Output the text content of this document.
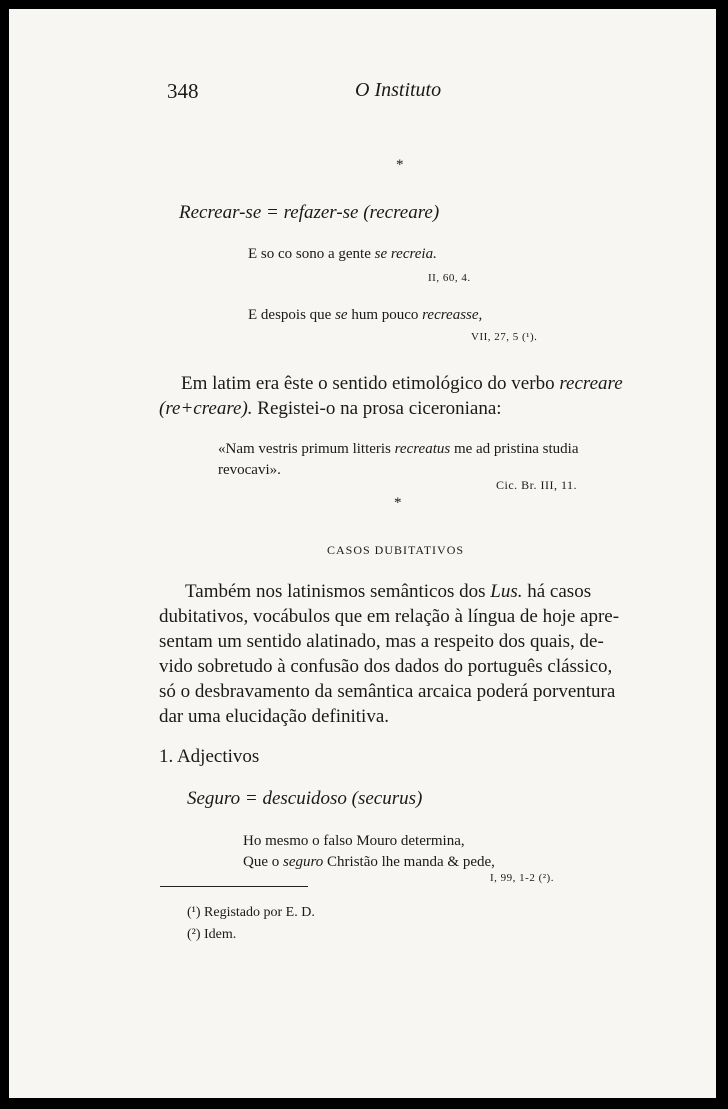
348	O Instituto
*
Recrear-se = refazer-se (recreare)
E so co sono a gente se recreia.
II, 60, 4.
E despois que se hum pouco recreasse,
VII, 27, 5 (¹).
Em latim era êste o sentido etimológico do verbo recreare
(re+creare). Registei-o na prosa ciceroniana:
«Nam vestris primum litteris recreatus me ad pristina studia
revocavi».
Cic. Br. III, 11.
*
CASOS DUBITATIVOS
Também nos latinismos semânticos dos Lus. há casos
dubitativos, vocábulos que em relação à língua de hoje apre-
sentam um sentido alatinado, mas a respeito dos quais, de-
vido sobretudo à confusão dos dados do português clássico,
só o desbravamento da semântica arcaica poderá porventura
dar uma elucidação definitiva.
1. Adjectivos
Seguro = descuidoso (securus)
Ho mesmo o falso Mouro determina,
Que o seguro Christão lhe manda & pede,
I, 99, 1-2 (²).
(¹) Registado por E. D.
(²) Idem.
